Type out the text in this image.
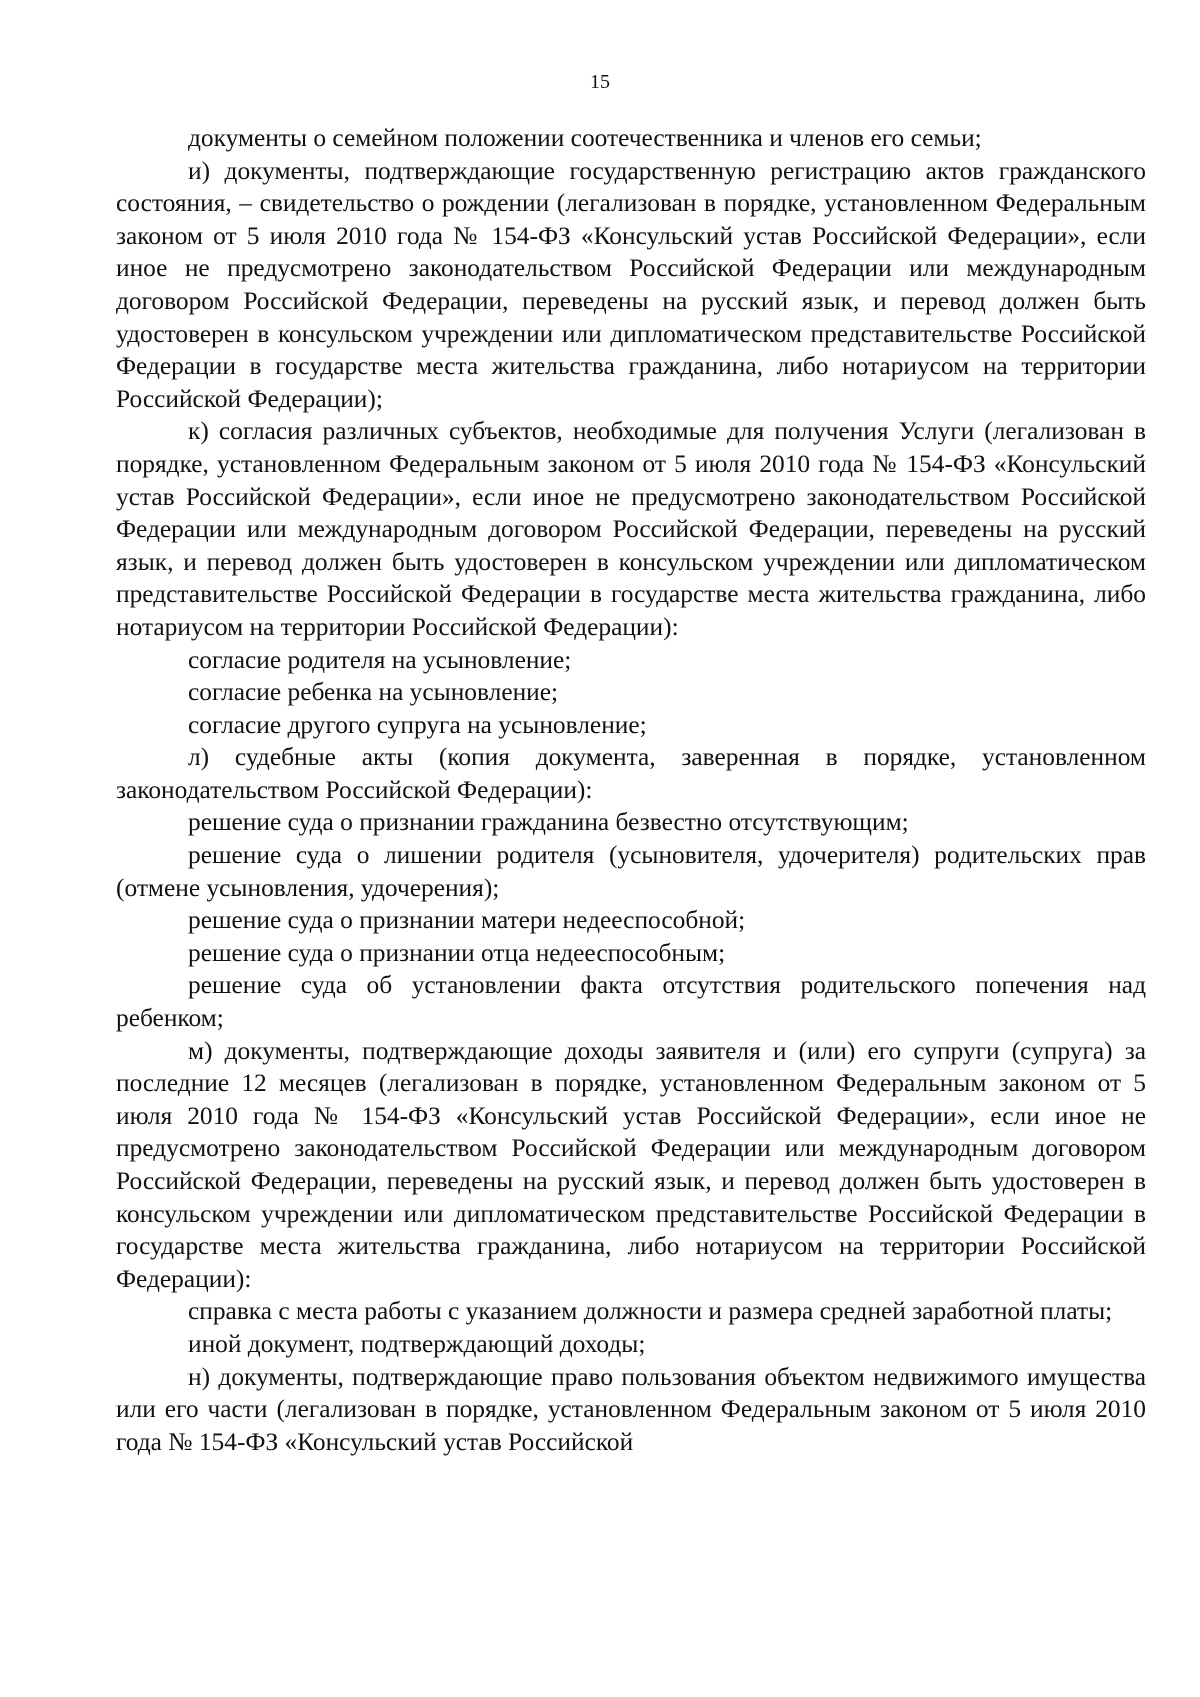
15

документы о семейном положении соотечественника и членов его семьи;

и) документы, подтверждающие государственную регистрацию актов гражданского состояния, – свидетельство о рождении (легализован в порядке, установленном Федеральным законом от 5 июля 2010 года № 154-ФЗ «Консульский устав Российской Федерации», если иное не предусмотрено законодательством Российской Федерации или международным договором Российской Федерации, переведены на русский язык, и перевод должен быть удостоверен в консульском учреждении или дипломатическом представительстве Российской Федерации в государстве места жительства гражданина, либо нотариусом на территории Российской Федерации);

к) согласия различных субъектов, необходимые для получения Услуги (легализован в порядке, установленном Федеральным законом от 5 июля 2010 года № 154-ФЗ «Консульский устав Российской Федерации», если иное не предусмотрено законодательством Российской Федерации или международным договором Российской Федерации, переведены на русский язык, и перевод должен быть удостоверен в консульском учреждении или дипломатическом представительстве Российской Федерации в государстве места жительства гражданина, либо нотариусом на территории Российской Федерации):

согласие родителя на усыновление;

согласие ребенка на усыновление;

согласие другого супруга на усыновление;

л) судебные акты (копия документа, заверенная в порядке, установленном законодательством Российской Федерации):

решение суда о признании гражданина безвестно отсутствующим;

решение суда о лишении родителя (усыновителя, удочерителя) родительских прав (отмене усыновления, удочерения);

решение суда о признании матери недееспособной;

решение суда о признании отца недееспособным;

решение суда об установлении факта отсутствия родительского попечения над ребенком;

м) документы, подтверждающие доходы заявителя и (или) его супруги (супруга) за последние 12 месяцев (легализован в порядке, установленном Федеральным законом от 5 июля 2010 года № 154-ФЗ «Консульский устав Российской Федерации», если иное не предусмотрено законодательством Российской Федерации или международным договором Российской Федерации, переведены на русский язык, и перевод должен быть удостоверен в консульском учреждении или дипломатическом представительстве Российской Федерации в государстве места жительства гражданина, либо нотариусом на территории Российской Федерации):

справка с места работы с указанием должности и размера средней заработной платы;

иной документ, подтверждающий доходы;

н) документы, подтверждающие право пользования объектом недвижимого имущества или его части (легализован в порядке, установленном Федеральным законом от 5 июля 2010 года № 154-ФЗ «Консульский устав Российской
